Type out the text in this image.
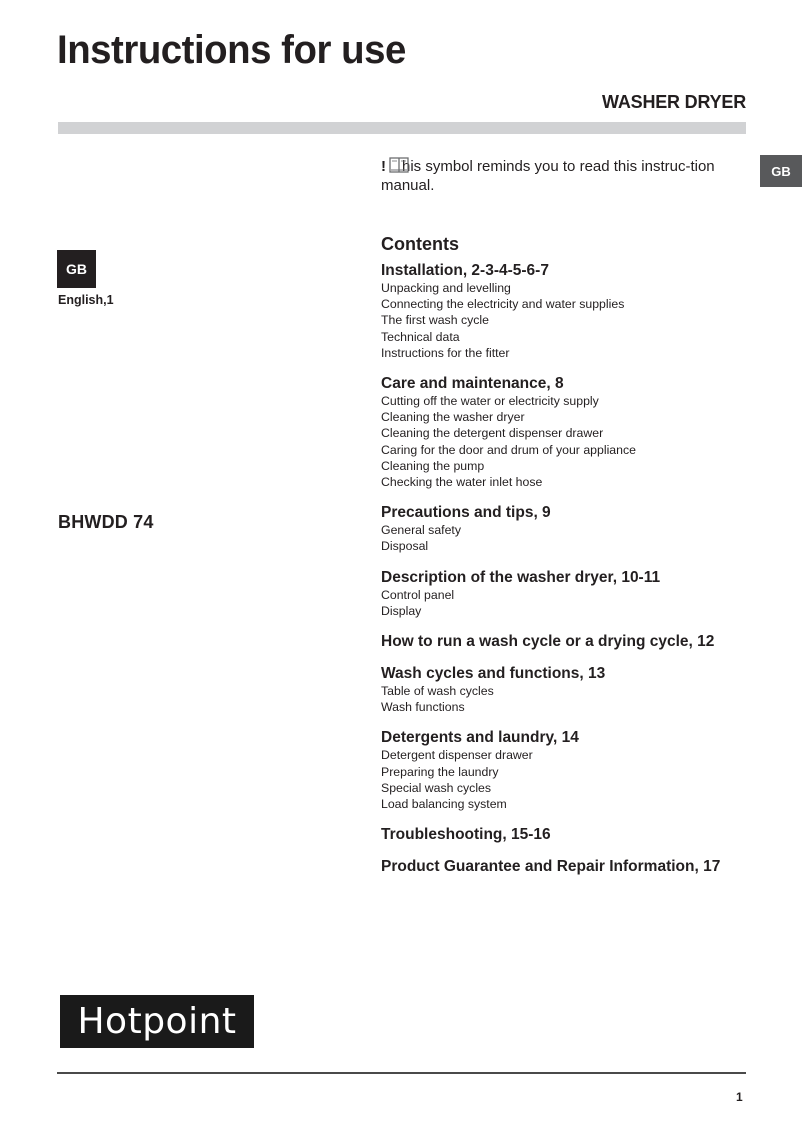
Instructions for use
WASHER DRYER
GB
! his symbol reminds you to read this instruc-tion manual.
GB
English,1
BHWDD 74
Contents
Installation, 2-3-4-5-6-7
Unpacking and levelling
Connecting the electricity and water supplies
The first wash cycle
Technical data
Instructions for the fitter
Care and maintenance, 8
Cutting off the water or electricity supply
Cleaning the washer dryer
Cleaning the detergent dispenser drawer
Caring for the door and drum of your appliance
Cleaning the pump
Checking the water inlet hose
Precautions and tips, 9
General safety
Disposal
Description of the washer dryer, 10-11
Control panel
Display
How to run a wash cycle or a drying cycle, 12
Wash cycles and functions, 13
Table of wash cycles
Wash functions
Detergents and laundry, 14
Detergent dispenser drawer
Preparing the laundry
Special wash cycles
Load balancing system
Troubleshooting, 15-16
Product Guarantee and Repair Information, 17
Hotpoint
1
